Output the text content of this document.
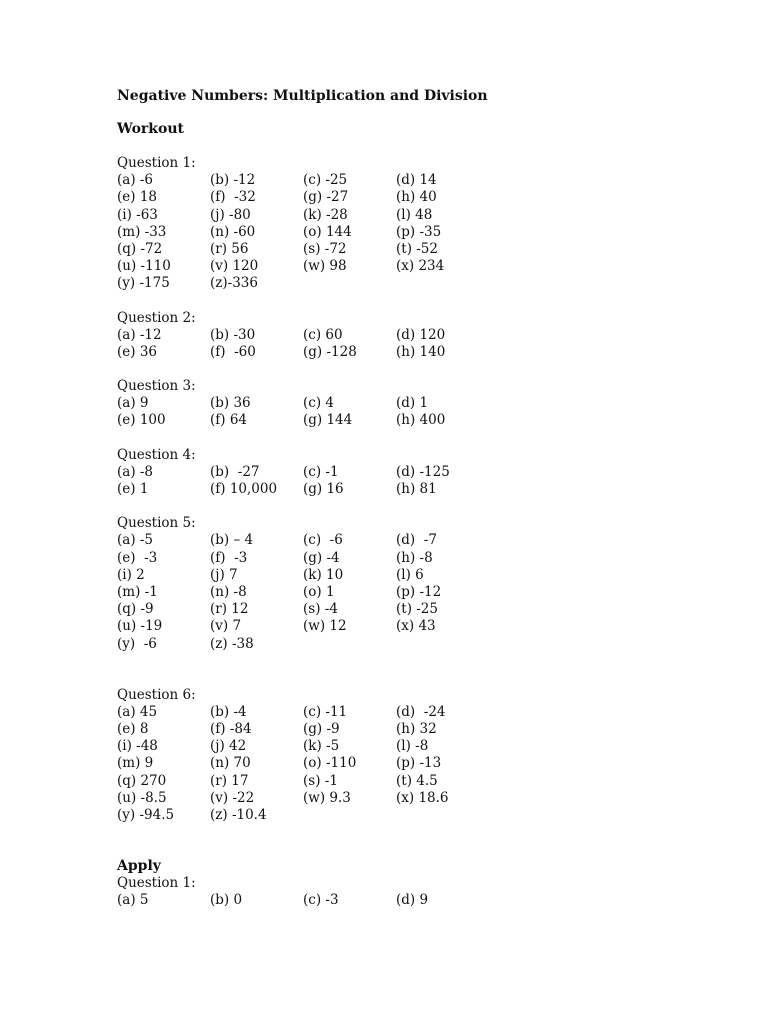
Negative Numbers: Multiplication and Division
Workout
Question 1:
(a) -6	(b) -12	(c) -25	(d) 14
(e) 18	(f)  -32	(g) -27	(h) 40
(i) -63	(j) -80	(k) -28	(l) 48
(m) -33	(n) -60	(o) 144	(p) -35
(q) -72	(r) 56	(s) -72	(t) -52
(u) -110	(v) 120	(w) 98	(x) 234
(y) -175	(z)-336
Question 2:
(a) -12	(b) -30	(c) 60	(d) 120
(e) 36	(f)  -60	(g) -128	(h) 140
Question 3:
(a) 9	(b) 36	(c) 4	(d) 1
(e) 100	(f) 64	(g) 144	(h) 400
Question 4:
(a) -8	(b)  -27	(c) -1	(d) -125
(e) 1	(f) 10,000	(g) 16	(h) 81
Question 5:
(a) -5	(b) – 4	(c)  -6	(d)  -7
(e)  -3	(f)  -3	(g) -4	(h) -8
(i) 2	(j) 7	(k) 10	(l) 6
(m) -1	(n) -8	(o) 1	(p) -12
(q) -9	(r) 12	(s) -4	(t) -25
(u) -19	(v) 7	(w) 12	(x) 43
(y)  -6	(z) -38
Question 6:
(a) 45	(b) -4	(c) -11	(d)  -24
(e) 8	(f) -84	(g) -9	(h) 32
(i) -48	(j) 42	(k) -5	(l) -8
(m) 9	(n) 70	(o) -110	(p) -13
(q) 270	(r) 17	(s) -1	(t) 4.5
(u) -8.5	(v) -22	(w) 9.3	(x) 18.6
(y) -94.5	(z) -10.4
Apply
Question 1:
(a) 5	(b) 0	(c) -3	(d) 9
